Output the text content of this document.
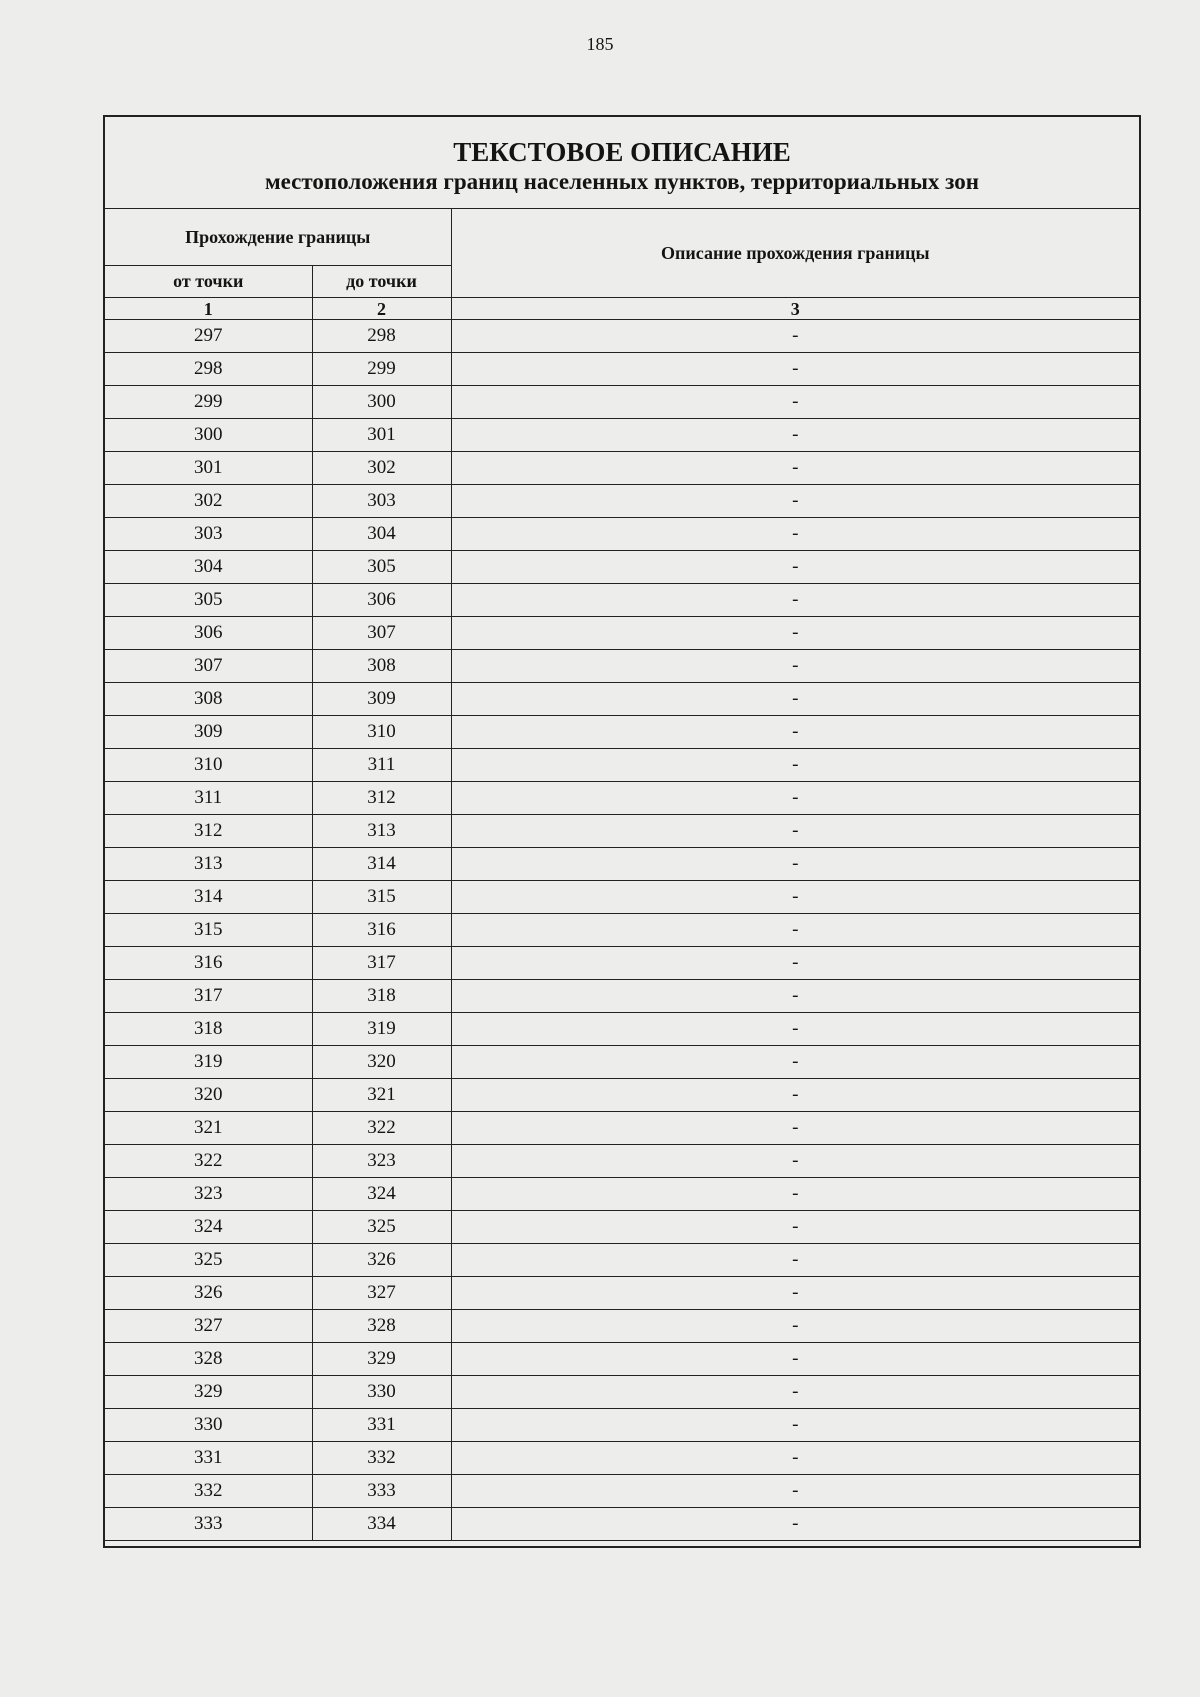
185
ТЕКСТОВОЕ ОПИСАНИЕ
местоположения границ населенных пунктов, территориальных зон		

Прохождение границы		Описание прохождения границы
от точки	до точки	
1	2	3
297	298	-
298	299	-
299	300	-
300	301	-
301	302	-
302	303	-
303	304	-
304	305	-
305	306	-
306	307	-
307	308	-
308	309	-
309	310	-
310	311	-
311	312	-
312	313	-
313	314	-
314	315	-
315	316	-
316	317	-
317	318	-
318	319	-
319	320	-
320	321	-
321	322	-
322	323	-
323	324	-
324	325	-
325	326	-
326	327	-
327	328	-
328	329	-
329	330	-
330	331	-
331	332	-
332	333	-
333	334	-
